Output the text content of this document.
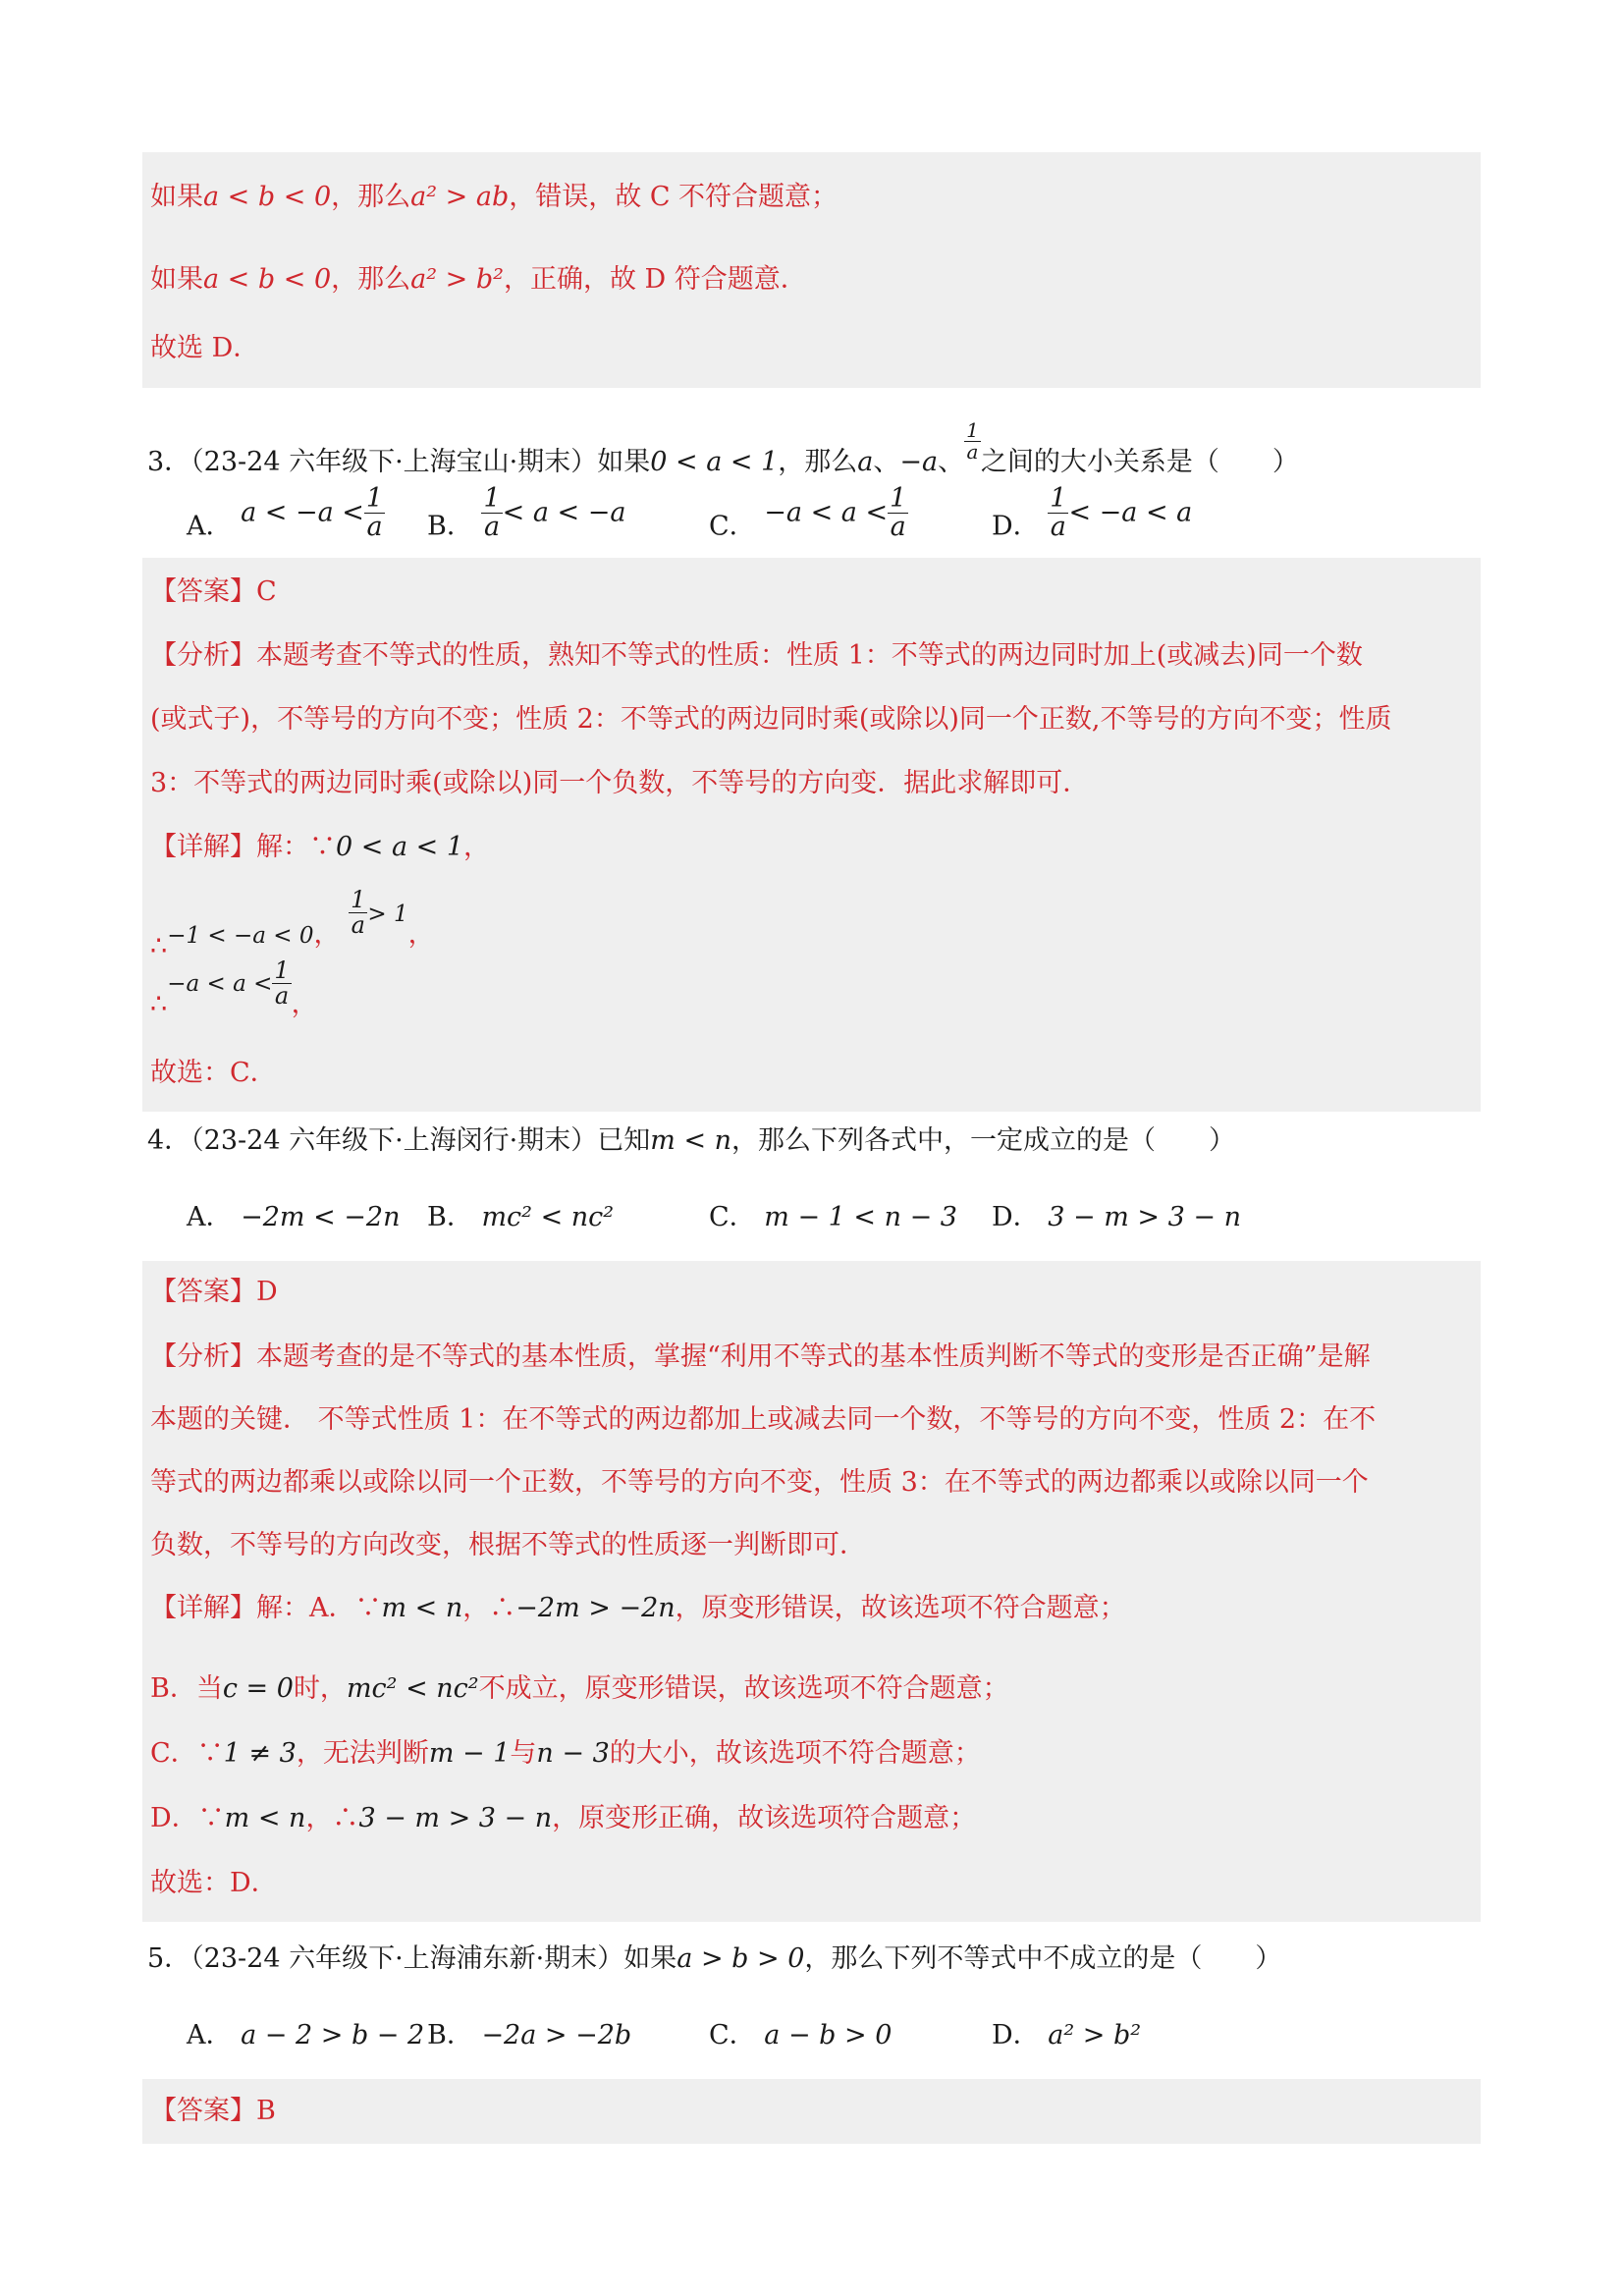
如果a < b < 0，那么a² > ab，错误，故 C 不符合题意；
如果a < b < 0，那么a² > b²，正确，故 D 符合题意．
故选 D．
3．（23-24 六年级下·上海宝山·期末）如果0 < a < 1，那么a、−a、 $\frac{1}{a}$ 之间的大小关系是（　　）
A． $a < -a < \frac{1}{a}$ B． $\frac{1}{a} < a < -a$	C． $-a < a < \frac{1}{a}$	D． $\frac{1}{a} < -a < a$
【答案】C
【分析】本题考查不等式的性质，熟知不等式的性质：性质 1：不等式的两边同时加上(或减去)同一个数
(或式子)，不等号的方向不变；性质 2：不等式的两边同时乘(或除以)同一个正数,不等号的方向不变；性质
3：不等式的两边同时乘(或除以)同一个负数，不等号的方向变．据此求解即可．
【详解】解：∵0 < a < 1，
∴−1 < −a < 0， $\frac{1}{a} > 1$，
∴−a < $a < \frac{1}{a}$ ，
故选：C．
4．（23-24 六年级下·上海闵行·期末）已知m < n，那么下列各式中，一定成立的是（　　）
A． −2m < −2n B． mc² < nc²	C． m − 1 < n − 3 D． 3 − m > 3 − n
【答案】D
【分析】本题考查的是不等式的基本性质，掌握“利用不等式的基本性质判断不等式的变形是否正确”是解
本题的关键． 不等式性质 1：在不等式的两边都加上或减去同一个数，不等号的方向不变，性质 2：在不
等式的两边都乘以或除以同一个正数，不等号的方向不变，性质 3：在不等式的两边都乘以或除以同一个
负数，不等号的方向改变，根据不等式的性质逐一判断即可．
【详解】解：A．∵m < n，∴−2m > −2n，原变形错误，故该选项不符合题意；
B．当c = 0时，mc² < nc²不成立，原变形错误，故该选项不符合题意；
C．∵1 ≠ 3，无法判断m − 1与n − 3的大小，故该选项不符合题意；
D．∵m < n，∴3 − m > 3 − n，原变形正确，故该选项符合题意；
故选：D．
5．（23-24 六年级下·上海浦东新·期末）如果a > b > 0，那么下列不等式中不成立的是（　　）
A． a − 2 > b − 2 B． −2a > −2b	C． a − b > 0	D． a² > b²
【答案】B
